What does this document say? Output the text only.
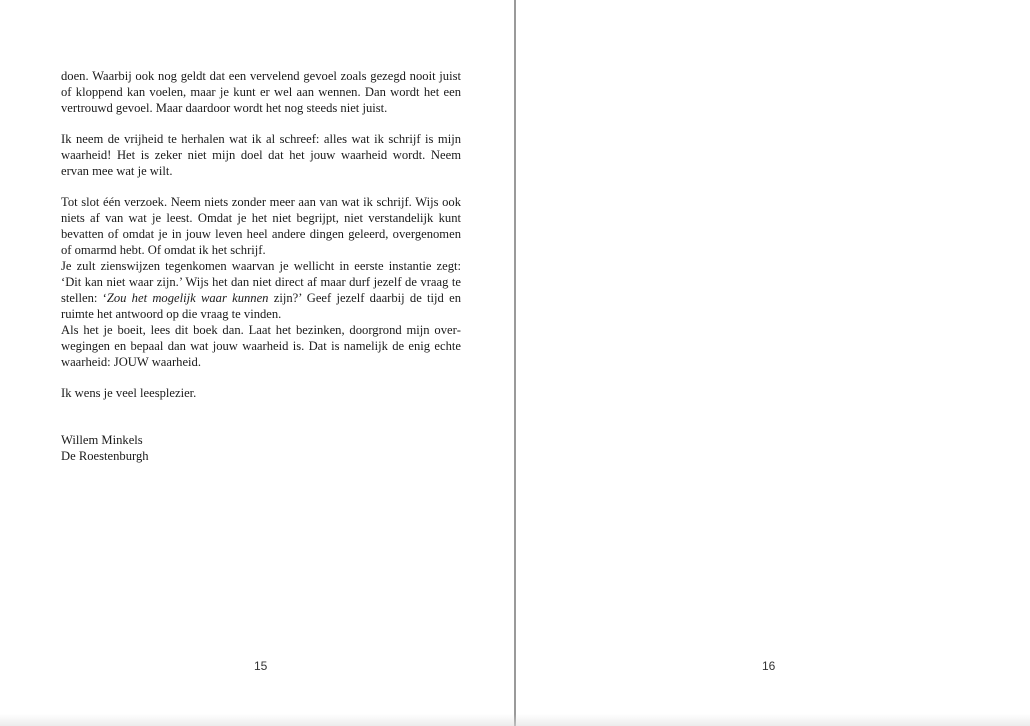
doen. Waarbij ook nog geldt dat een vervelend gevoel zoals gezegd nooit juist of kloppend kan voelen, maar je kunt er wel aan wennen. Dan wordt het een vertrouwd gevoel. Maar daardoor wordt het nog steeds niet juist.

Ik neem de vrijheid te herhalen wat ik al schreef: alles wat ik schrijf is mijn waarheid! Het is zeker niet mijn doel dat het jouw waarheid wordt. Neem ervan mee wat je wilt.

Tot slot één verzoek. Neem niets zonder meer aan van wat ik schrijf. Wijs ook niets af van wat je leest. Omdat je het niet begrijpt, niet verstandelijk kunt bevatten of omdat je in jouw leven heel andere dingen geleerd, overgenomen of omarmd hebt. Of omdat ik het schrijf.

Je zult zienswijzen tegenkomen waarvan je wellicht in eerste instantie zegt: ‘Dit kan niet waar zijn.’ Wijs het dan niet direct af maar durf jezelf de vraag te stellen: ‘Zou het mogelijk waar kunnen zijn?’ Geef jezelf daarbij de tijd en ruimte het antwoord op die vraag te vinden.

Als het je boeit, lees dit boek dan. Laat het bezinken, doorgrond mijn overwegingen en bepaal dan wat jouw waarheid is. Dat is namelijk de enig echte waarheid: JOUW waarheid.

Ik wens je veel leesplezier.

Willem Minkels

De Roestenburgh

15	16
